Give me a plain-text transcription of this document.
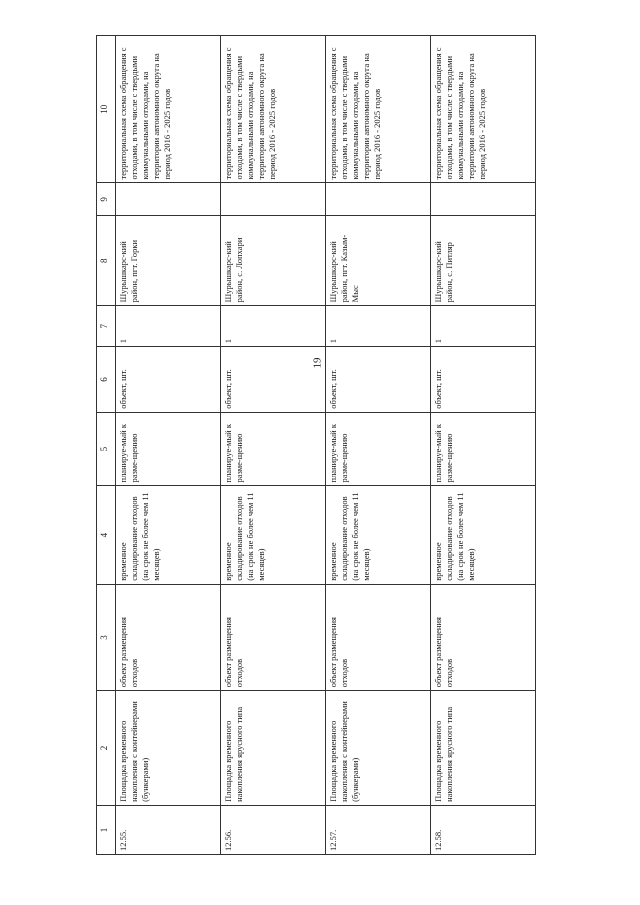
19
1	2	3	4	5	6	7	8	9	10
12.55.	Площадка временного накопления с контейнерами (бункерами)	объект размещения отходов	временное складирование отходов (на срок не более чем 11 месяцев)	планируе-мый к разме-щению	объект, шт.	1	Шурышкарс-кий район, пгт. Горки		территориальная схема обращения с отходами, в том числе с твердыми коммунальными отходами, на территории автономного округа на период 2016 - 2025 годов
12.56.	Площадка временного накопления ярусного типа	объект размещения отходов	временное складирование отходов (на срок не более чем 11 месяцев)	планируе-мый к разме-щению	объект, шт.	1	Шурышкарс-кий район, с. Лопхари		территориальная схема обращения с отходами, в том числе с твердыми коммунальными отходами, на территории автономного округа на период 2016 - 2025 годов
12.57.	Площадка временного накопления с контейнерами (бункерами)	объект размещения отходов	временное складирование отходов (на срок не более чем 11 месяцев)	планируе-мый к разме-щению	объект, шт.	1	Шурышкарс-кий район, пгт. Казым-Мыс		территориальная схема обращения с отходами, в том числе с твердыми коммунальными отходами, на территории автономного округа на период 2016 - 2025 годов
12.58.	Площадка временного накопления ярусного типа	объект размещения отходов	временное складирование отходов (на срок не более чем 11 месяцев)	планируе-мый к разме-щению	объект, шт.	1	Шурышкарс-кий район, с. Питляр		территориальная схема обращения с отходами, в том числе с твердыми коммунальными отходами, на территории автономного округа на период 2016 - 2025 годов
